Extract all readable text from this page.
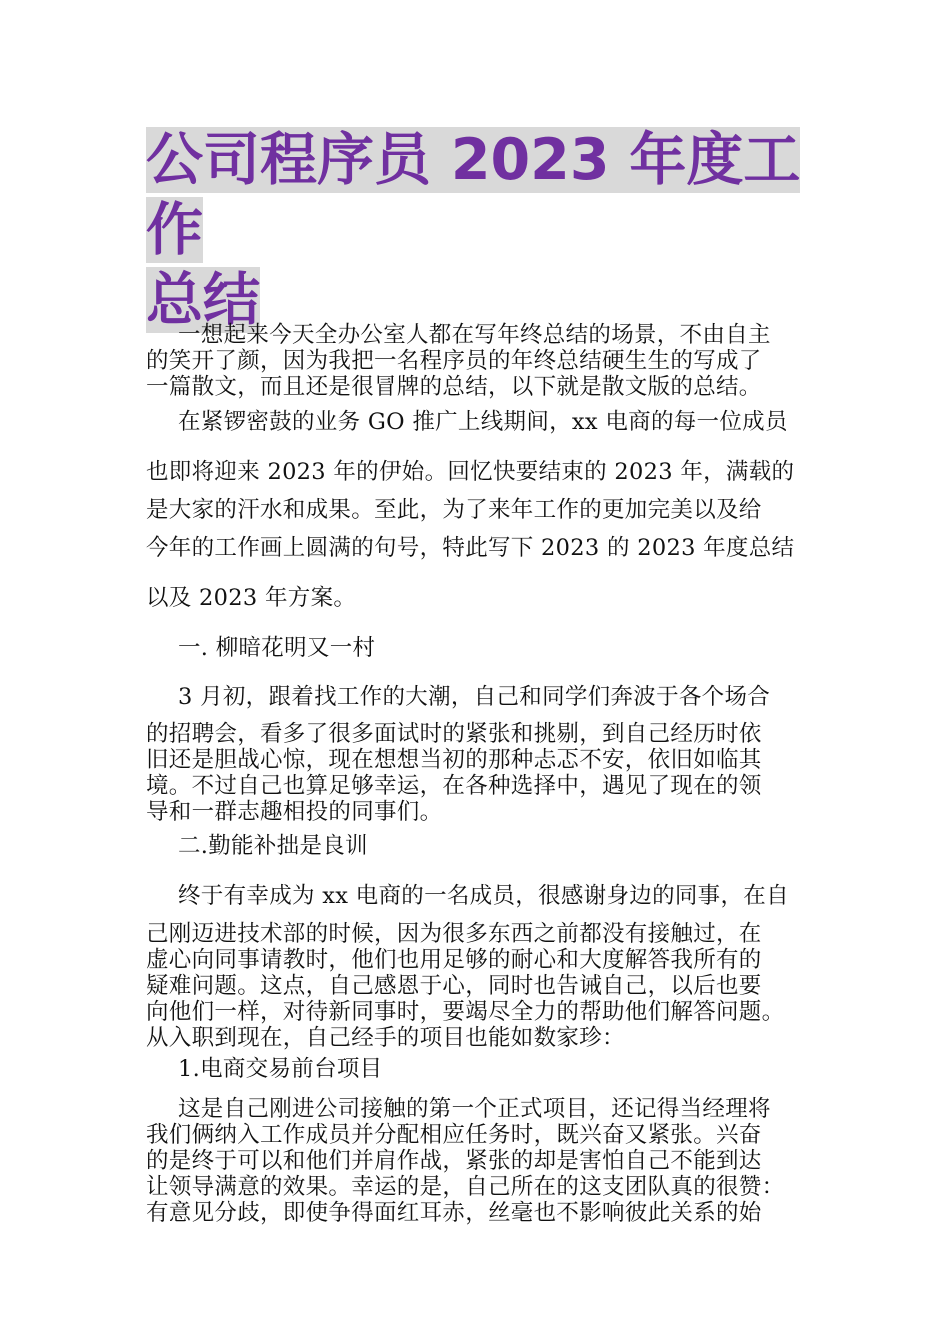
公司程序员 2023 年度工作
总结
一想起来今天全办公室人都在写年终总结的场景，不由自主
的笑开了颜，因为我把一名程序员的年终总结硬生生的写成了
一篇散文，而且还是很冒牌的总结，以下就是散文版的总结。
在紧锣密鼓的业务 GO 推广上线期间，xx 电商的每一位成员
也即将迎来 2023 年的伊始。回忆快要结束的 2023 年，满载的
是大家的汗水和成果。至此，为了来年工作的更加完美以及给
今年的工作画上圆满的句号，特此写下 2023 的 2023 年度总结
以及 2023 年方案。
一. 柳暗花明又一村
3 月初，跟着找工作的大潮，自己和同学们奔波于各个场合
的招聘会，看多了很多面试时的紧张和挑剔，到自己经历时依
旧还是胆战心惊，现在想想当初的那种忐忑不安，依旧如临其
境。不过自己也算足够幸运，在各种选择中，遇见了现在的领
导和一群志趣相投的同事们。
二.勤能补拙是良训
终于有幸成为 xx 电商的一名成员，很感谢身边的同事，在自
己刚迈进技术部的时候，因为很多东西之前都没有接触过，在
虚心向同事请教时，他们也用足够的耐心和大度解答我所有的
疑难问题。这点，自己感恩于心，同时也告诫自己，以后也要
向他们一样，对待新同事时，要竭尽全力的帮助他们解答问题。
从入职到现在，自己经手的项目也能如数家珍：
1.电商交易前台项目
这是自己刚进公司接触的第一个正式项目，还记得当经理将
我们俩纳入工作成员并分配相应任务时，既兴奋又紧张。兴奋
的是终于可以和他们并肩作战，紧张的却是害怕自己不能到达
让领导满意的效果。幸运的是，自己所在的这支团队真的很赞：
有意见分歧，即使争得面红耳赤，丝毫也不影响彼此关系的始
